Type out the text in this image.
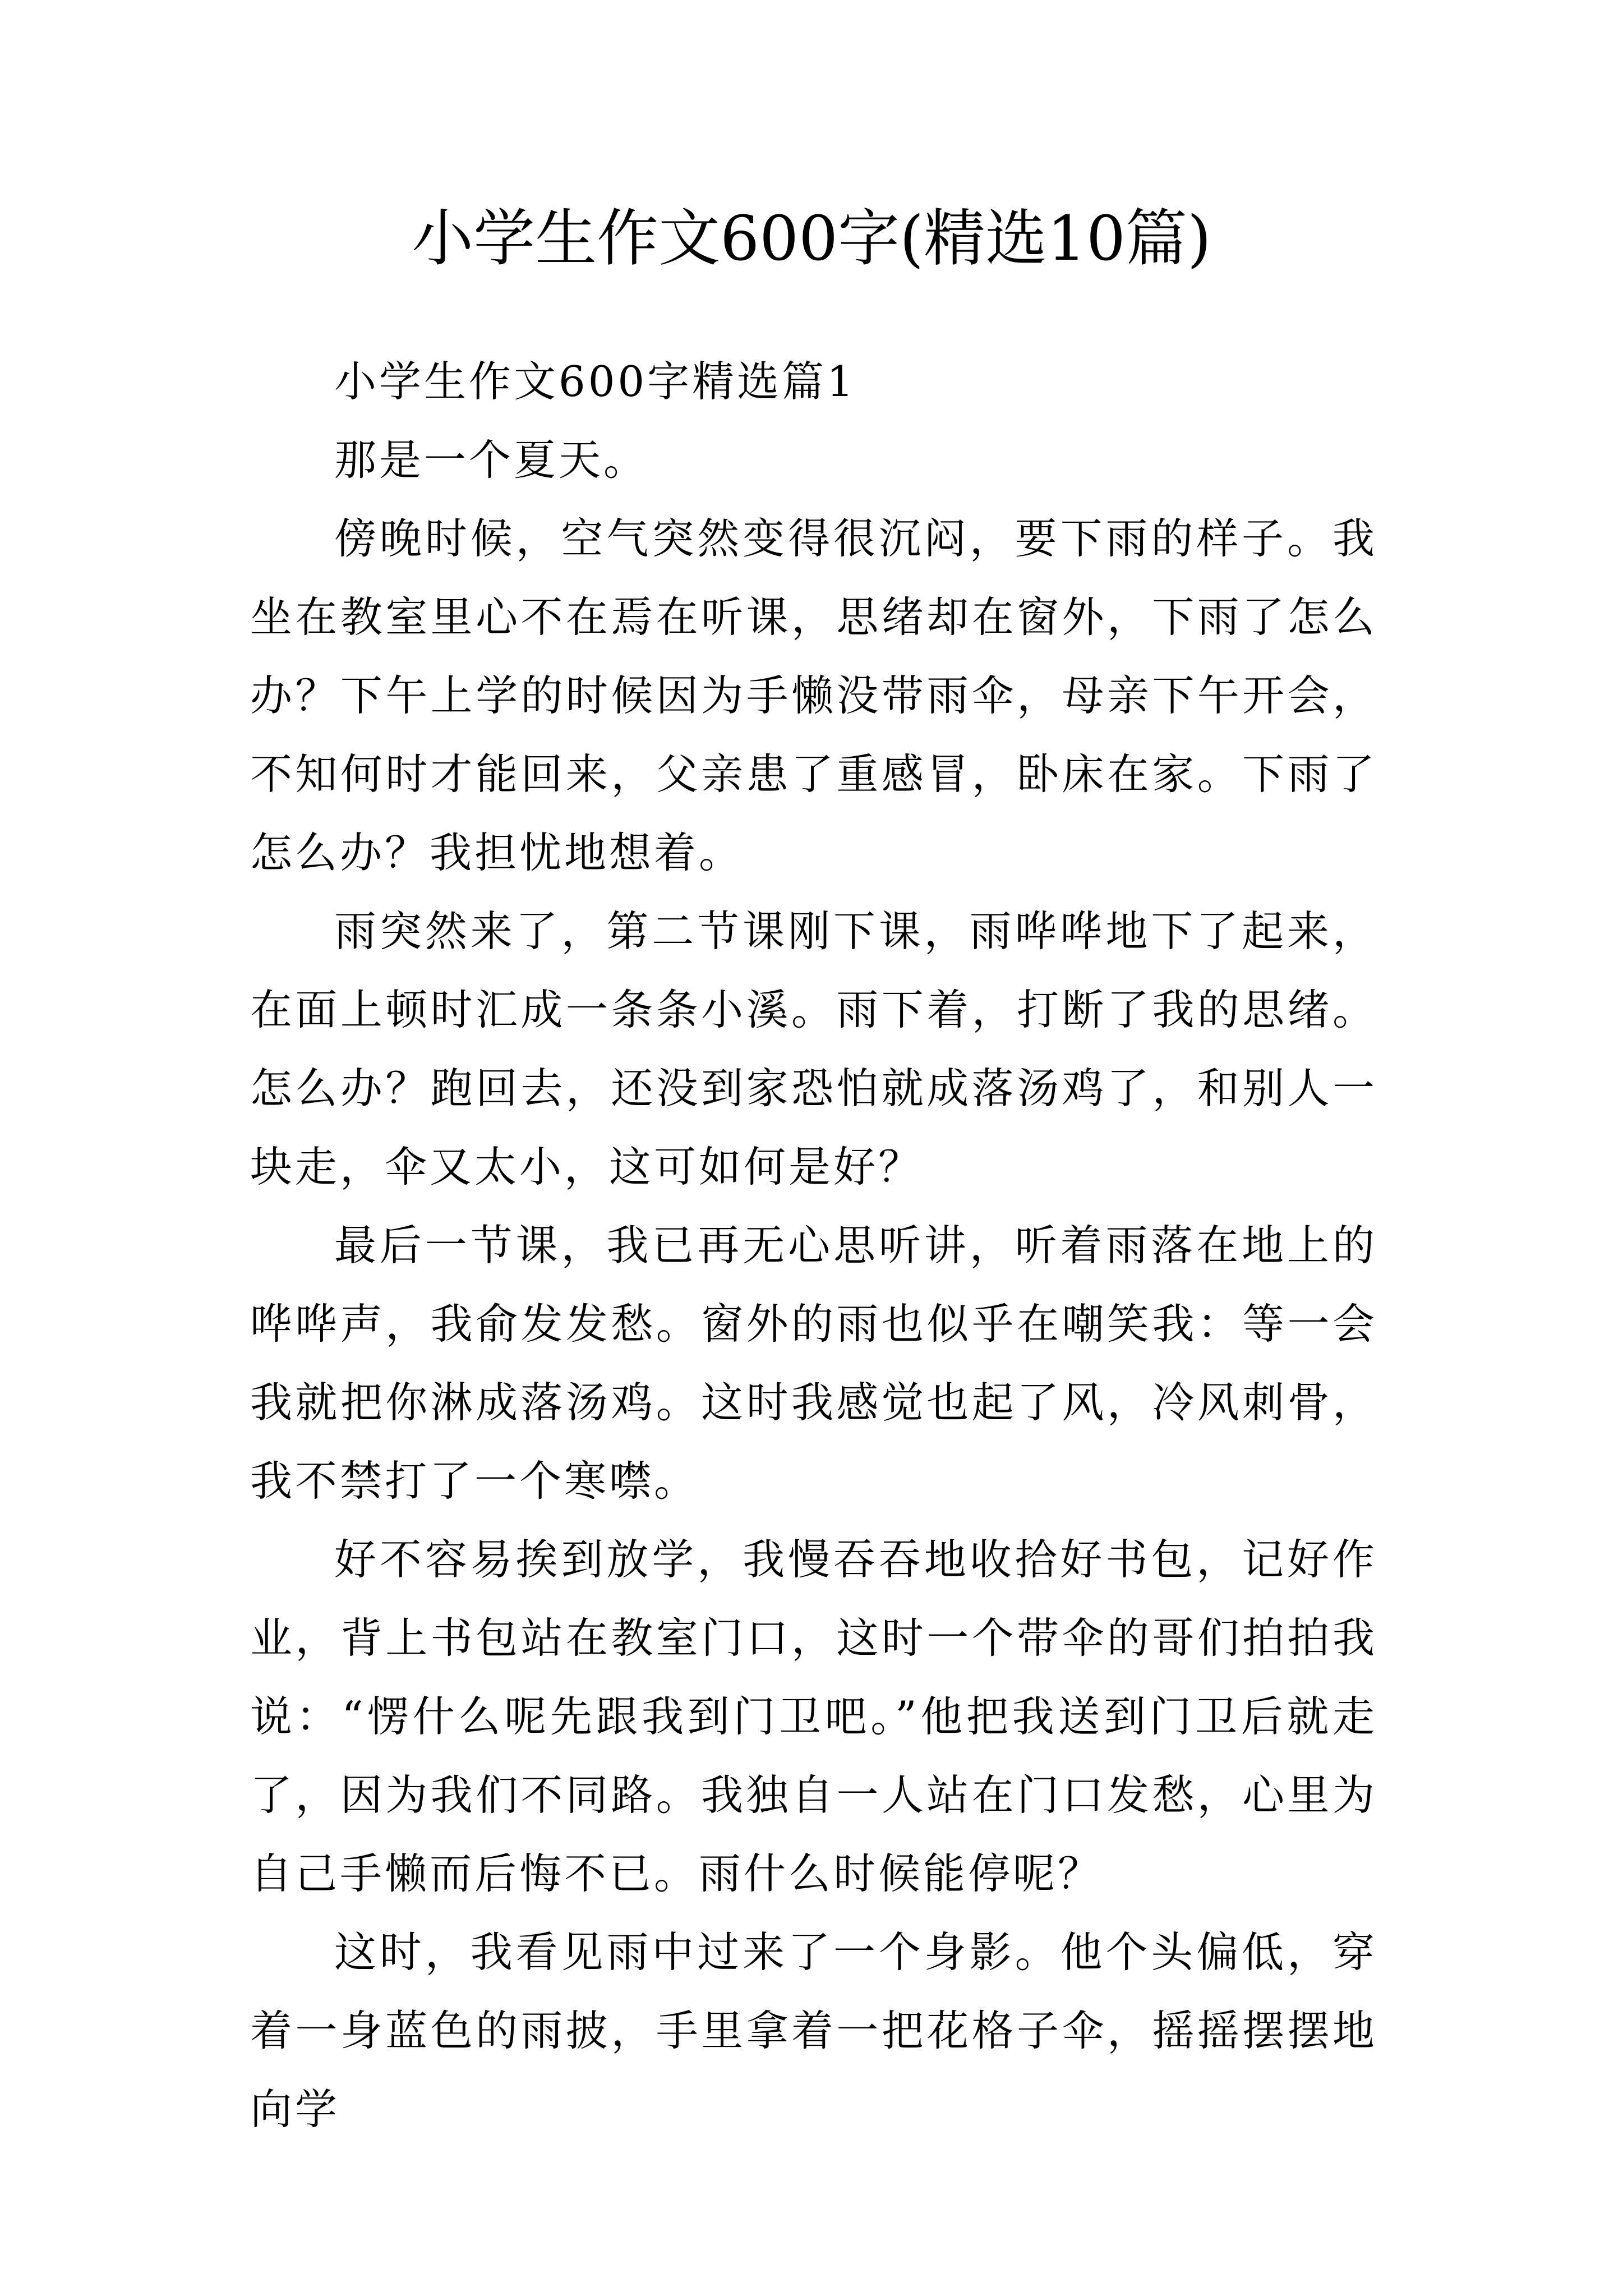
小学生作文600字(精选10篇)

小学生作文600字精选篇1

那是一个夏天。

傍晚时候，空气突然变得很沉闷，要下雨的样子。我坐在教室里心不在焉在听课，思绪却在窗外，下雨了怎么办？下午上学的时候因为手懒没带雨伞，母亲下午开会，不知何时才能回来，父亲患了重感冒，卧床在家。下雨了怎么办？我担忧地想着。

雨突然来了，第二节课刚下课，雨哗哗地下了起来，在面上顿时汇成一条条小溪。雨下着，打断了我的思绪。怎么办？跑回去，还没到家恐怕就成落汤鸡了，和别人一块走，伞又太小，这可如何是好？

最后一节课，我已再无心思听讲，听着雨落在地上的哗哗声，我俞发发愁。窗外的雨也似乎在嘲笑我：等一会我就把你淋成落汤鸡。这时我感觉也起了风，冷风刺骨，我不禁打了一个寒噤。

好不容易挨到放学，我慢吞吞地收拾好书包，记好作业，背上书包站在教室门口，这时一个带伞的哥们拍拍我说：“愣什么呢先跟我到门卫吧。”他把我送到门卫后就走了，因为我们不同路。我独自一人站在门口发愁，心里为自己手懒而后悔不已。雨什么时候能停呢？

这时，我看见雨中过来了一个身影。他个头偏低，穿着一身蓝色的雨披，手里拿着一把花格子伞，摇摇摆摆地向学
